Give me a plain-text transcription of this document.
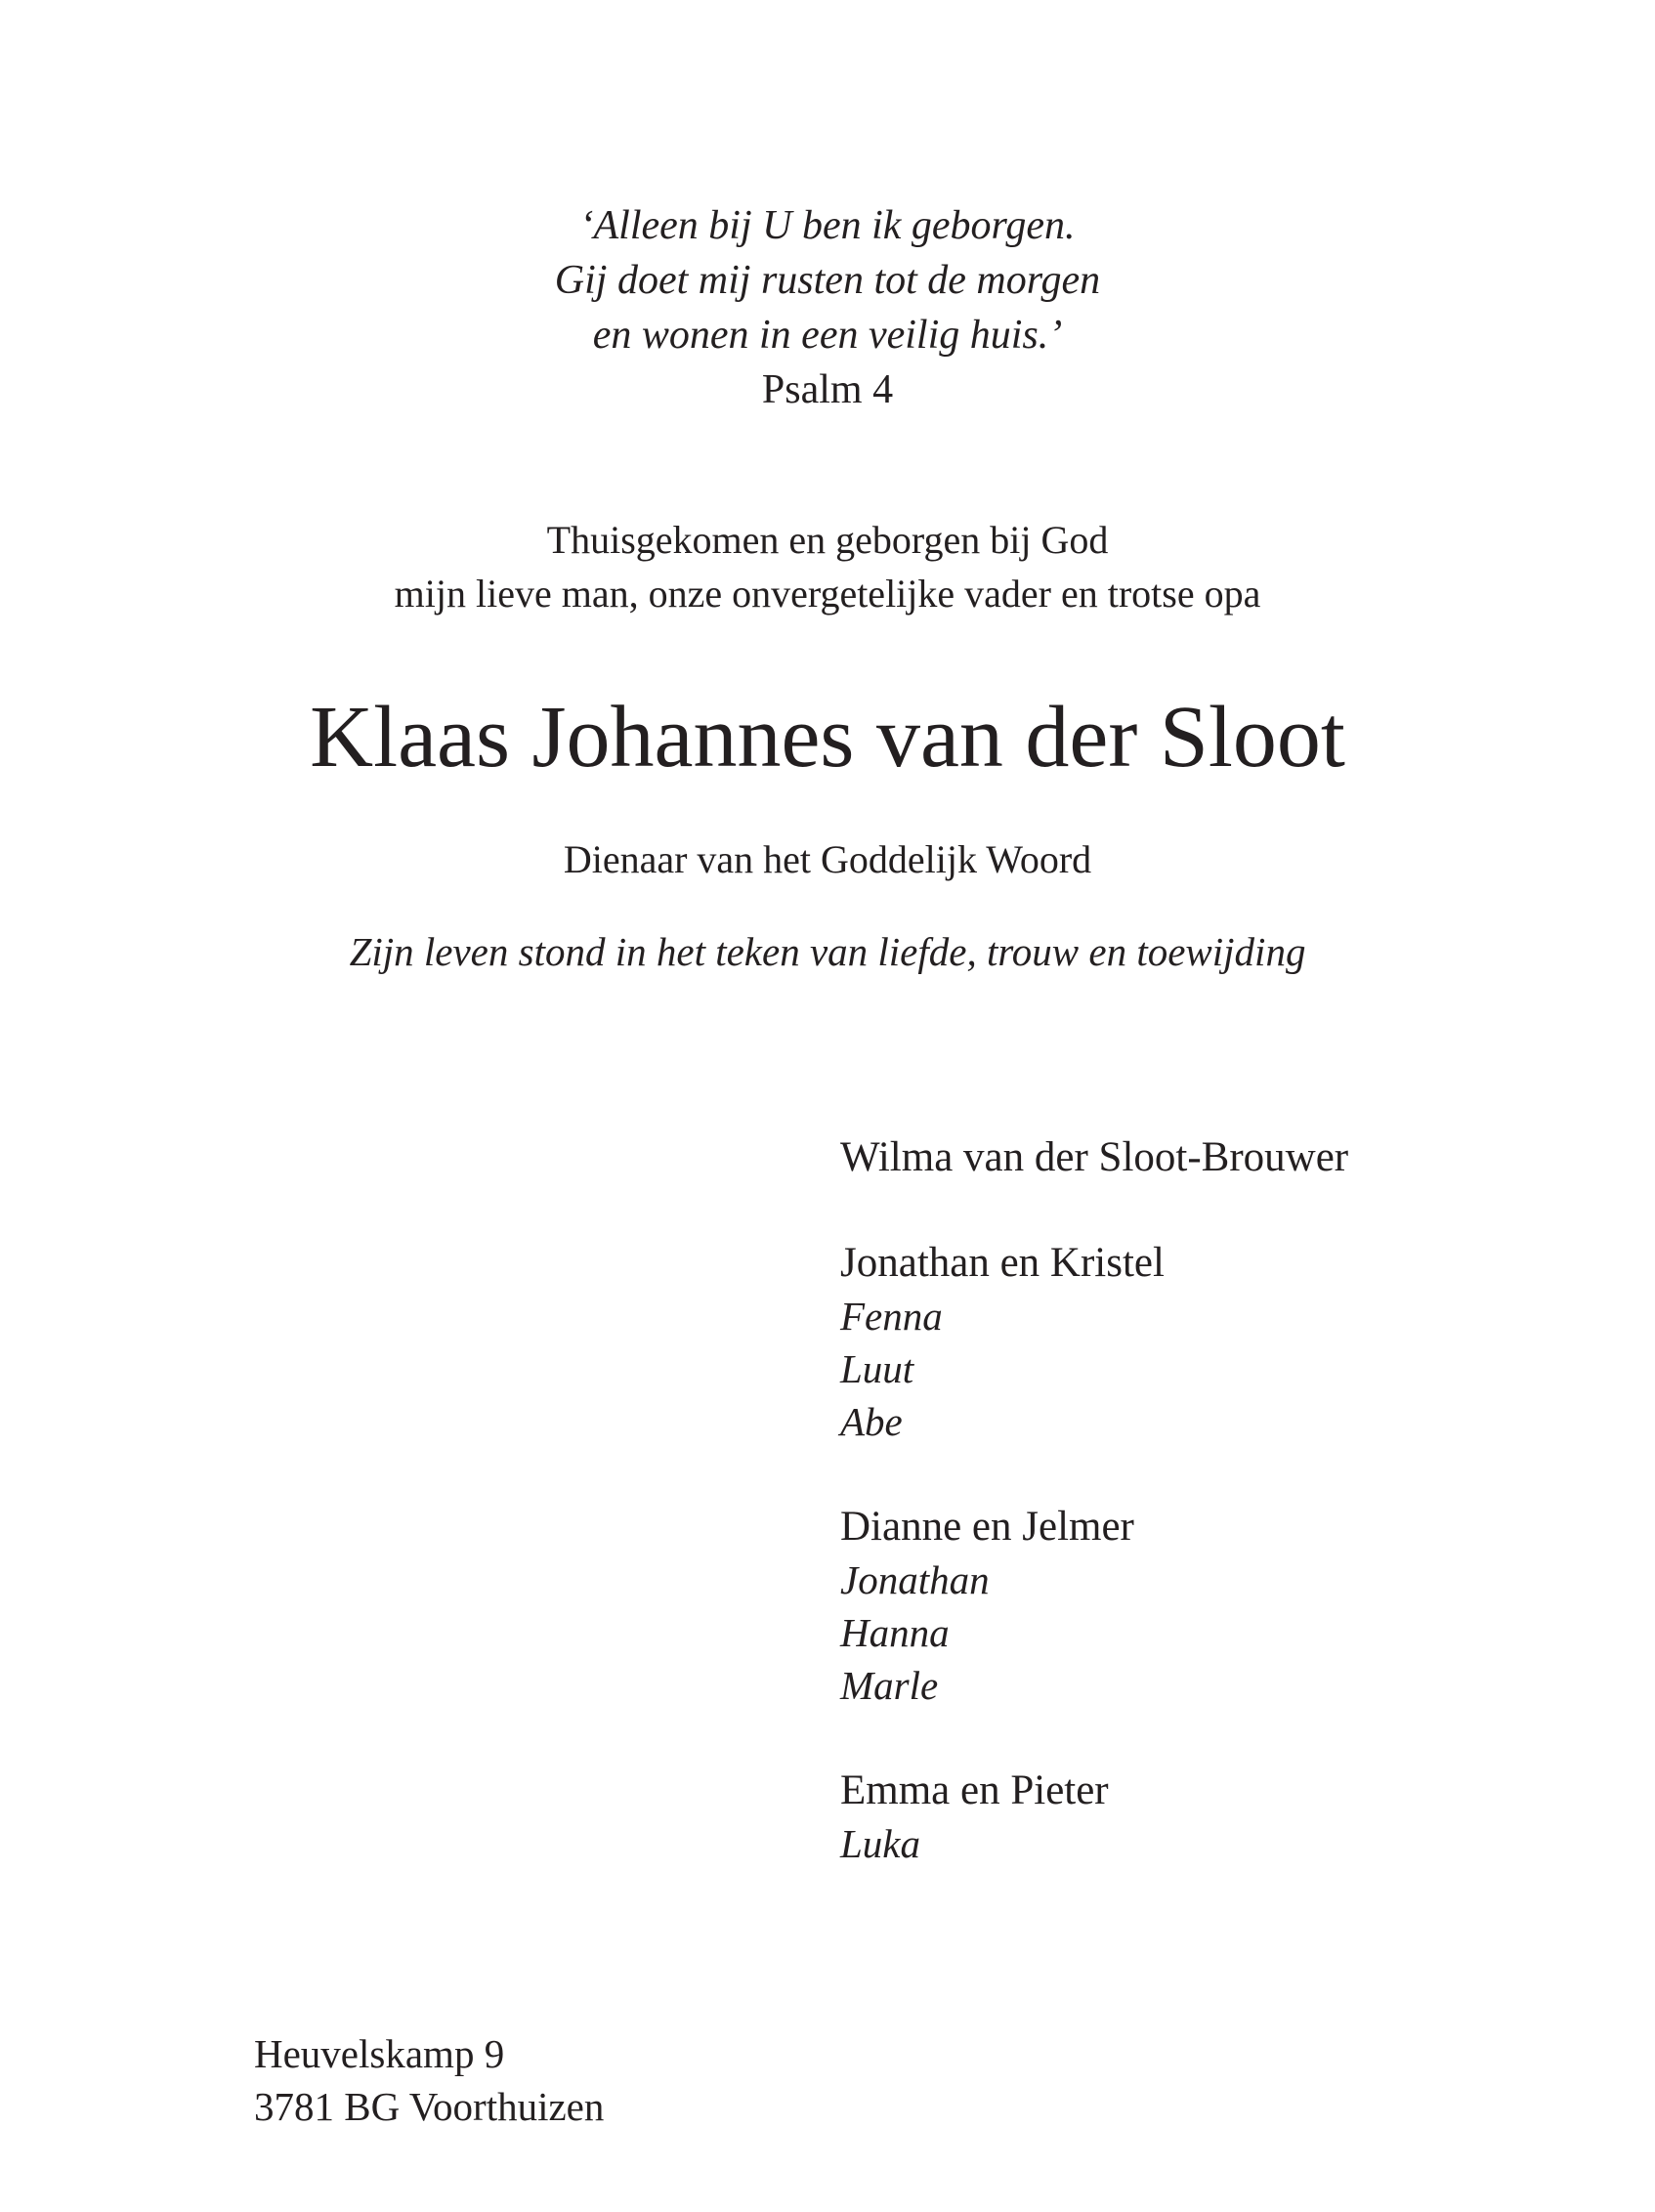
‘Alleen bij U ben ik geborgen.
Gij doet mij rusten tot de morgen
en wonen in een veilig huis.’
Psalm 4
Thuisgekomen en geborgen bij God
mijn lieve man, onze onvergetelijke vader en trotse opa
Klaas Johannes van der Sloot
Dienaar van het Goddelijk Woord
Zijn leven stond in het teken van liefde, trouw en toewijding
Wilma van der Sloot-Brouwer
Jonathan en Kristel
Fenna
Luut
Abe
Dianne en Jelmer
Jonathan
Hanna
Marle
Emma en Pieter
Luka
Heuvelskamp 9
3781 BG Voorthuizen
